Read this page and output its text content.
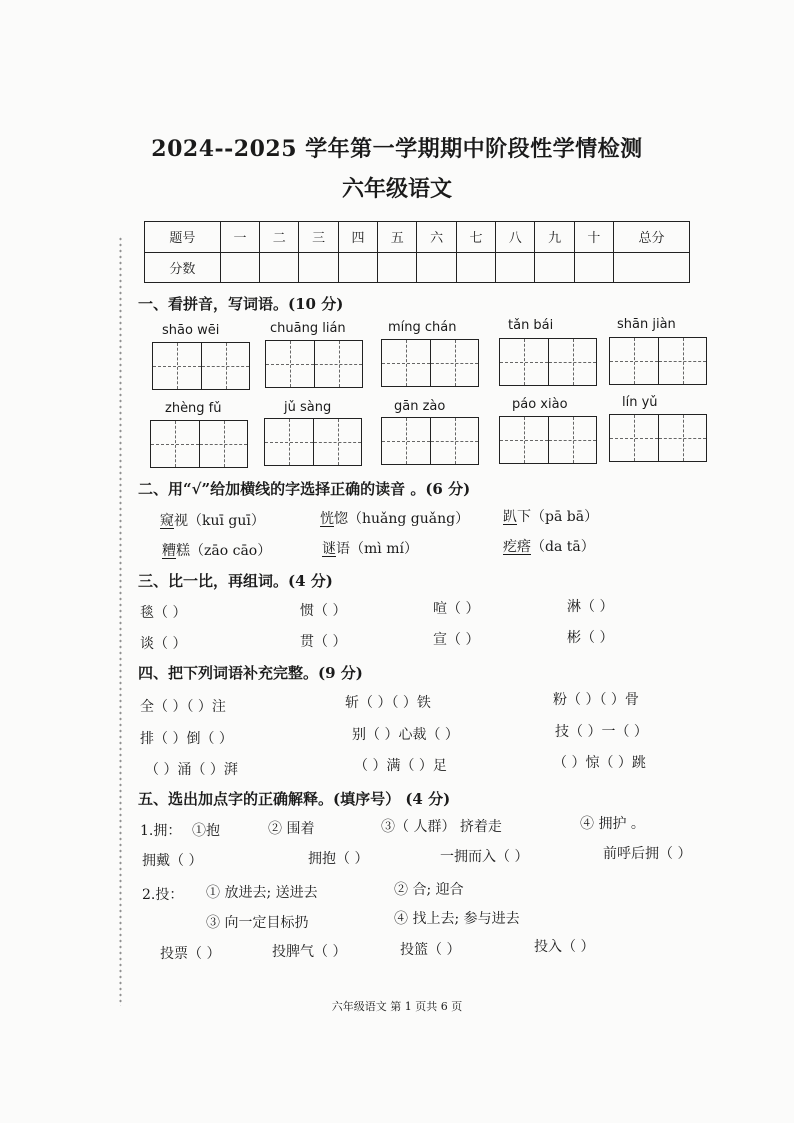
2024--2025 学年第一学期期中阶段性学情检测
六年级语文
题号	一	二	三	四	五	六	七	八	九	十	总分
分数											
一、看拼音，写词语。(10 分)
shāo wēi	chuāng lián	míng chán	tǎn bái	shān jiàn
zhèng fǔ	jǔ sàng	gān zào	páo xiào	lín yǔ
二、用“√”给加横线的字选择正确的读音 。(6 分)
窥视（kuī guī）	恍惚（huǎng guǎng） 趴下（pā bā）
糟糕（zāo cāo）	谜语（mì mí）	疙瘩（da tā）
三、比一比，再组词。(4 分)
毯（ ）	惯（ ）	喧（ ）	淋（ ）
谈（ ）	贯（ ）	宣（ ）	彬（ ）
四、把下列词语补充完整。(9 分)
全（ ）（ ）注	斩（ ）（ ）铁	粉（ ）（ ）骨
排（ ）倒（ ）	别（ ）心裁（ ）	技（ ）一（ ）
（ ）涌（ ）湃	（ ）满（ ）足	（ ）惊（ ）跳
五、选出加点字的正确解释。(填序号） (4 分)
1.拥： ①抱	② 围着	③（ 人群） 挤着走	④ 拥护 。
拥戴（ ）	拥抱（ ）	一拥而入（ ）	前呼后拥（ ）
2.投： ① 放进去; 送进去	② 合; 迎合
③ 向一定目标扔	④ 找上去; 参与进去
投票（ ）	投脾气（ ）	投篮（ ）	投入（ ）
六年级语文 第 1 页共 6 页
